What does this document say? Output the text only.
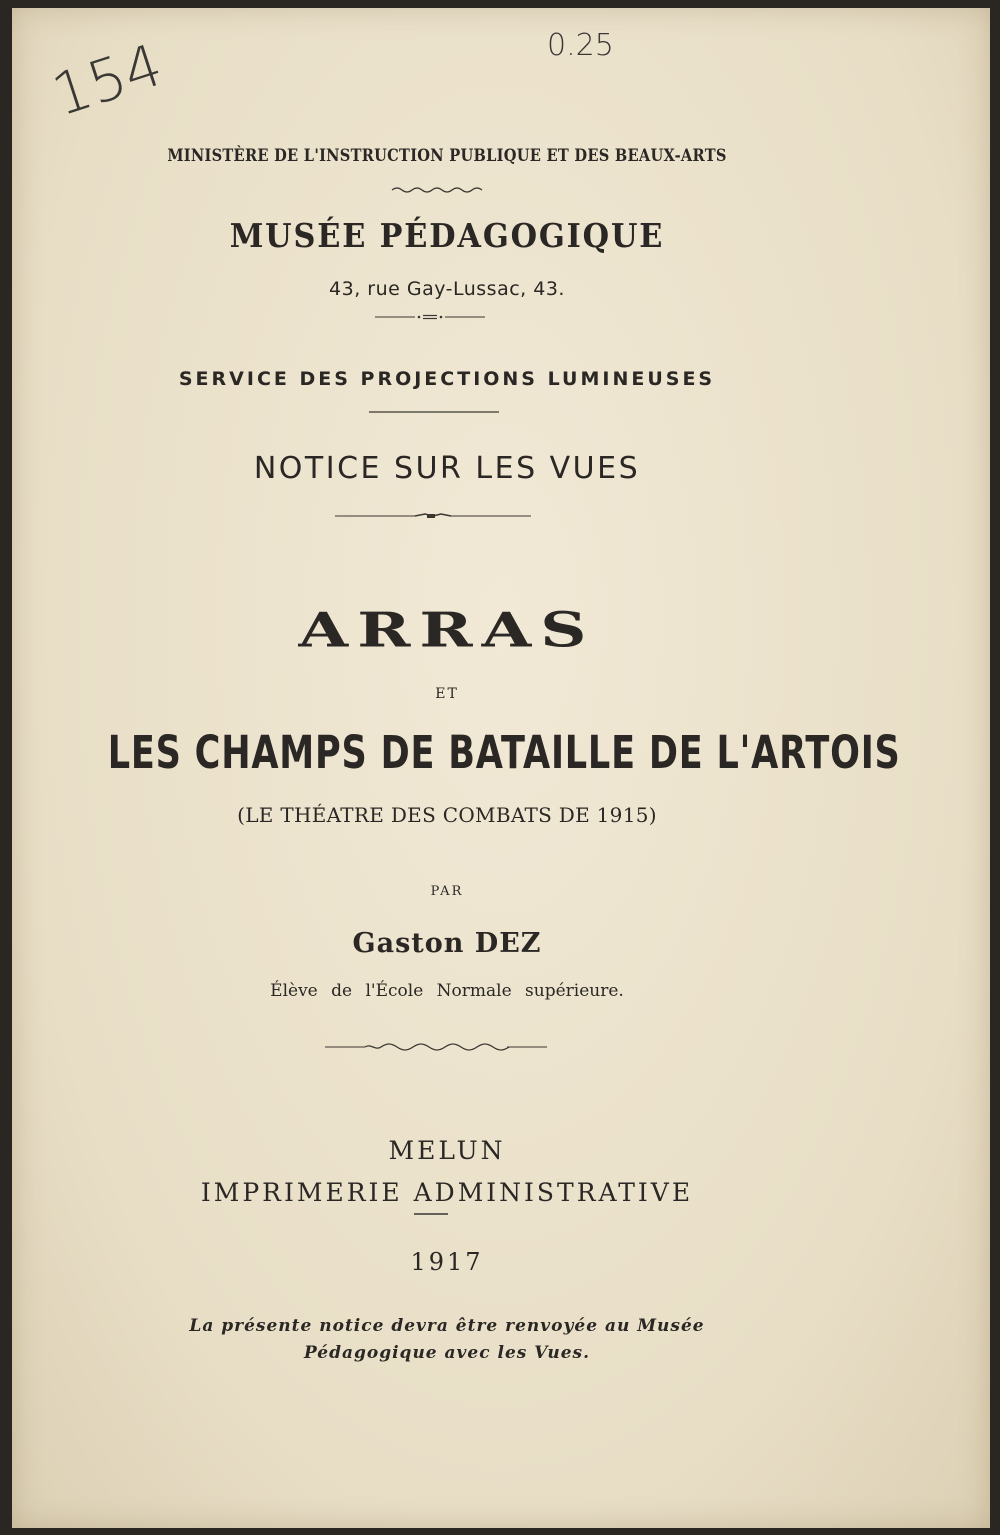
154	0.25
MINISTÈRE DE L'INSTRUCTION PUBLIQUE ET DES BEAUX-ARTS
MUSÉE PÉDAGOGIQUE
43, rue Gay-Lussac, 43.
SERVICE DES PROJECTIONS LUMINEUSES
NOTICE SUR LES VUES
ARRAS
ET
LES CHAMPS DE BATAILLE DE L'ARTOIS
(LE THÉATRE DES COMBATS DE 1915)
PAR
Gaston DEZ
Élève de l'École Normale supérieure.
MELUN
IMPRIMERIE ADMINISTRATIVE
1917
La présente notice devra être renvoyée au Musée
Pédagogique avec les Vues.
